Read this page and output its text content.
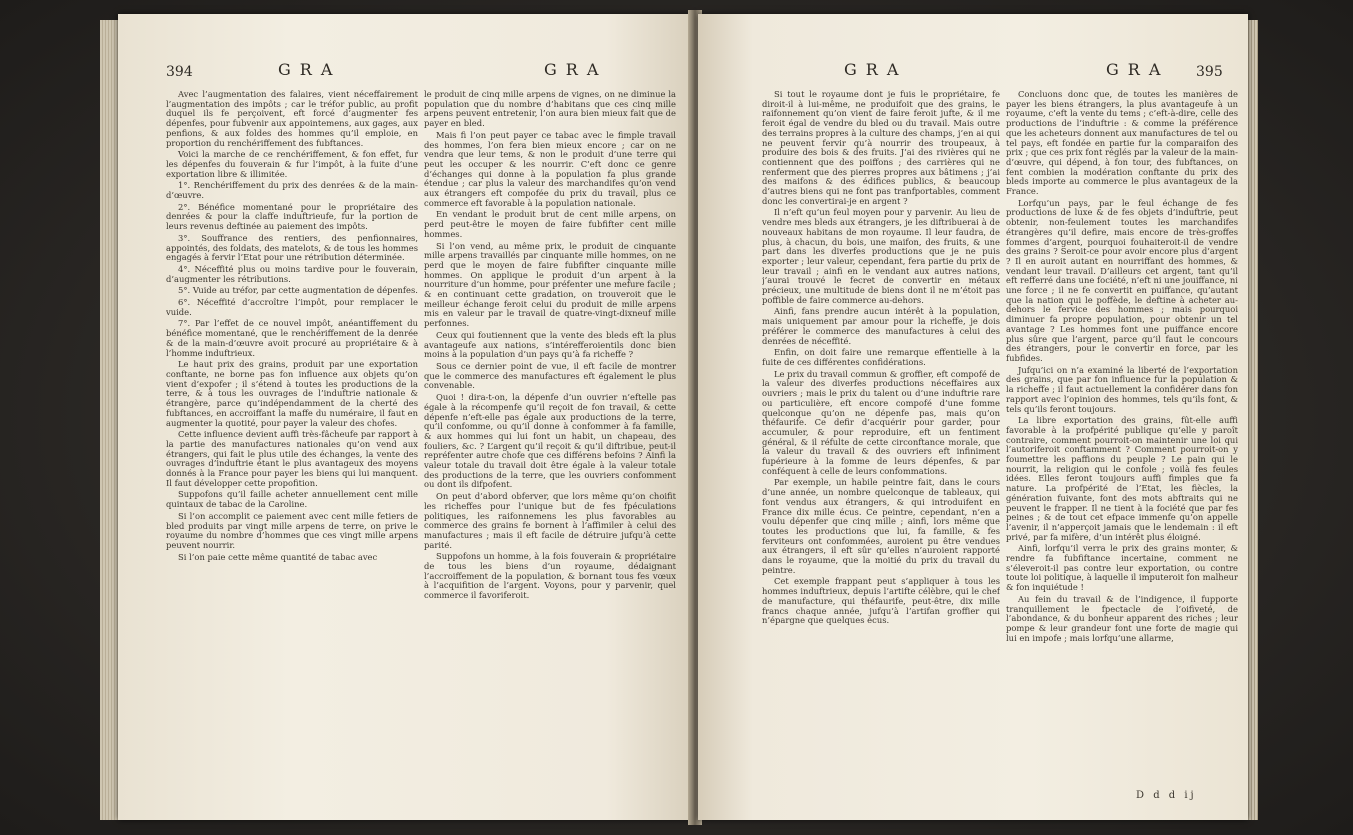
394	GRA	GRA

Avec l’augmentation des falaires, vient néceffairement l’augmentation des impôts ; car le tréfor public, au profit duquel ils fe perçoivent, eft forcé d’augmenter fes dépenfes, pour fubvenir aux appointemens, aux gages, aux penfions, & aux foldes des hommes qu’il emploie, en proportion du renchériffement des fubftances.

Voici la marche de ce renchériffement, & fon effet, fur les dépenfes du fouverain & fur l’impôt, à la fuite d’une exportation libre & illimitée.

1°. Renchériffement du prix des denrées & de la main-d’œuvre.

2°. Bénéfice momentané pour le propriétaire des denrées & pour la claffe induftrieufe, fur la portion de leurs revenus deftinée au paiement des impôts.

3°. Souffrance des rentiers, des penfionnaires, appointés, des foldats, des matelots, & de tous les hommes engagés à fervir l’Etat pour une rétribution déterminée.

4°. Néceffité plus ou moins tardive pour le fouverain, d’augmenter les rétributions.

5°. Vuide au tréfor, par cette augmentation de dépenfes.

6°. Néceffité d’accroître l’impôt, pour remplacer le vuide.

7°. Par l’effet de ce nouvel impôt, anéantiffement du bénéfice momentané, que le renchériffement de la denrée & de la main-d’œuvre avoit procuré au propriétaire & à l’homme induftrieux.

Le haut prix des grains, produit par une exportation conftante, ne borne pas fon influence aux objets qu’on vient d’expofer ; il s’étend à toutes les productions de la terre, & à tous les ouvrages de l’induftrie nationale & étrangère, parce qu’indépendamment de la cherté des fubftances, en accroiffant la maffe du numéraire, il faut en augmenter la quotité, pour payer la valeur des chofes.

Cette influence devient auffi très-fâcheufe par rapport à la partie des manufactures nationales qu’on vend aux étrangers, qui fait le plus utile des échanges, la vente des ouvrages d’induftrie étant le plus avantageux des moyens donnés à la France pour payer les biens qui lui manquent. Il faut développer cette propofition.

Suppofons qu’il faille acheter annuellement cent mille quintaux de tabac de la Caroline.

Si l’on accomplit ce paiement avec cent mille fetiers de bled produits par vingt mille arpens de terre, on prive le royaume du nombre d’hommes que ces vingt mille arpens peuvent nourrir.

Si l’on paie cette même quantité de tabac avec

le produit de cinq mille arpens de vignes, on ne diminue la population que du nombre d’habitans que ces cinq mille arpens peuvent entretenir, l’on aura bien mieux fait que de payer en bled.

Mais fi l’on peut payer ce tabac avec le fimple travail des hommes, l’on fera bien mieux encore ; car on ne vendra que leur tems, & non le produit d’une terre qui peut les occuper & les nourrir. C’eft donc ce genre d’échanges qui donne à la population fa plus grande étendue ; car plus la valeur des marchandifes qu’on vend aux étrangers eft compofée du prix du travail, plus ce commerce eft favorable à la population nationale.

En vendant le produit brut de cent mille arpens, on perd peut-être le moyen de faire fubfifter cent mille hommes.

Si l’on vend, au même prix, le produit de cinquante mille arpens travaillés par cinquante mille hommes, on ne perd que le moyen de faire fubfifter cinquante mille hommes. On applique le produit d’un arpent à la nourriture d’un homme, pour préfenter une mefure facile ; & en continuant cette gradation, on trouveroit que le meilleur échange feroit celui du produit de mille arpens mis en valeur par le travail de quatre-vingt-dixneuf mille perfonnes.

Ceux qui foutiennent que la vente des bleds eft la plus avantageufe aux nations, s’intérefferoientils donc bien moins à la population d’un pays qu’à fa richeffe ?

Sous ce dernier point de vue, il eft facile de montrer que le commerce des manufactures eft également le plus convenable.

Quoi ! dira-t-on, la dépenfe d’un ouvrier n’eftelle pas égale à la récompenfe qu’il reçoit de fon travail, & cette dépenfe n’eft-elle pas égale aux productions de la terre, qu’il confomme, ou qu’il donne à confommer à fa famille, & aux hommes qui lui font un habit, un chapeau, des fouliers, &c. ? L’argent qu’il reçoit & qu’il diftribue, peut-il repréfenter autre chofe que ces différens befoins ? Ainfi la valeur totale du travail doit être égale à la valeur totale des productions de la terre, que les ouvriers confomment ou dont ils difpofent.

On peut d’abord obferver, que lors même qu’on choifit les richeffes pour l’unique but de fes fpéculations politiques, les raifonnemens les plus favorables au commerce des grains fe bornent à l’affimiler à celui des manufactures ; mais il eft facile de détruire jufqu’à cette parité.

Suppofons un homme, à la fois fouverain & propriétaire de tous les biens d’un royaume, dédaignant l’accroiffement de la population, & bornant tous fes vœux à l’acquifition de l’argent. Voyons, pour y parvenir, quel commerce il favoriferoit.

GRA	GRA 395

Si tout le royaume dont je fuis le propriétaire, fe diroit-il à lui-même, ne produifoit que des grains, le raifonnement qu’on vient de faire feroit jufte, & il me feroit égal de vendre du bled ou du travail. Mais outre des terrains propres à la culture des champs, j’en ai qui ne peuvent fervir qu’à nourrir des troupeaux, à produire des bois & des fruits. J’ai des rivières qui ne contiennent que des poiffons ; des carrières qui ne renferment que des pierres propres aux bâtimens ; j’ai des maifons & des édifices publics, & beaucoup d’autres biens qui ne font pas tranfportables, comment donc les convertirai-je en argent ?

Il n’eft qu’un feul moyen pour y parvenir. Au lieu de vendre mes bleds aux étrangers, je les diftribuerai à de nouveaux habitans de mon royaume. Il leur faudra, de plus, à chacun, du bois, une maifon, des fruits, & une part dans les diverfes productions que je ne puis exporter ; leur valeur, cependant, fera partie du prix de leur travail ; ainfi en le vendant aux autres nations, j’aurai trouvé le fecret de convertir en métaux précieux, une multitude de biens dont il ne m’étoit pas poffible de faire commerce au-dehors.

Ainfi, fans prendre aucun intérêt à la population, mais uniquement par amour pour la richeffe, je dois préférer le commerce des manufactures à celui des denrées de néceffité.

Enfin, on doit faire une remarque effentielle à la fuite de ces différentes confidérations.

Le prix du travail commun & groffier, eft compofé de la valeur des diverfes productions néceffaires aux ouvriers ; mais le prix du talent ou d’une induftrie rare ou particulière, eft encore compofé d’une fomme quelconque qu’on ne dépenfe pas, mais qu’on théfaurife. Ce defir d’acquérir pour garder, pour accumuler, & pour reproduire, eft un fentiment général, & il réfulte de cette circonftance morale, que la valeur du travail & des ouvriers eft infiniment fupérieure à la fomme de leurs dépenfes, & par conféquent à celle de leurs confommations.

Par exemple, un habile peintre fait, dans le cours d’une année, un nombre quelconque de tableaux, qui font vendus aux étrangers, & qui introduifent en France dix mille écus. Ce peintre, cependant, n’en a voulu dépenfer que cinq mille ; ainfi, lors même que toutes les productions que lui, fa famille, & fes ferviteurs ont confommées, auroient pu être vendues aux étrangers, il eft sûr qu’elles n’auroient rapporté dans le royaume, que la moitié du prix du travail du peintre.

Cet exemple frappant peut s’appliquer à tous les hommes induftrieux, depuis l’artifte célèbre, qui le chef de manufacture, qui théfaurife, peut-être, dix mille francs chaque année, jufqu’à l’artifan groffier qui n’épargne que quelques écus.

Concluons donc que, de toutes les manières de payer les biens étrangers, la plus avantageufe à un royaume, c’eft la vente du tems ; c’eft-à-dire, celle des productions de l’induftrie : & comme la préférence que les acheteurs donnent aux manufactures de tel ou tel pays, eft fondée en partie fur la comparaifon des prix ; que ces prix font réglés par la valeur de la main-d’œuvre, qui dépend, à fon tour, des fubftances, on fent combien la modération conftante du prix des bleds importe au commerce le plus avantageux de la France.

Lorfqu’un pays, par le feul échange de fes productions de luxe & de fes objets d’induftrie, peut obtenir, non-feulement toutes les marchandifes étrangères qu’il defire, mais encore de très-groffes fommes d’argent, pourquoi fouhaiteroit-il de vendre des grains ? Seroit-ce pour avoir encore plus d’argent ? Il en auroit autant en nourriffant des hommes, & vendant leur travail. D’ailleurs cet argent, tant qu’il eft refferré dans une fociété, n’eft ni une jouiffance, ni une force ; il ne fe convertit en puiffance, qu’autant que la nation qui le poffède, le deftine à acheter au-dehors le fervice des hommes ; mais pourquoi diminuer fa propre population, pour obtenir un tel avantage ? Les hommes font une puiffance encore plus sûre que l’argent, parce qu’il faut le concours des étrangers, pour le convertir en force, par les fubfides.

Jufqu’ici on n’a examiné la liberté de l’exportation des grains, que par fon influence fur la population & la richeffe ; il faut actuellement la confidérer dans fon rapport avec l’opinion des hommes, tels qu’ils font, & tels qu’ils feront toujours.

La libre exportation des grains, fût-elle auffi favorable à la profpérité publique qu’elle y paroît contraire, comment pourroit-on maintenir une loi qui l’autoriferoit conftamment ? Comment pourroit-on y foumettre les paffions du peuple ? Le pain qui le nourrit, la religion qui le confole ; voilà fes feules idées. Elles feront toujours auffi fimples que fa nature. La profpérité de l’Etat, les fiècles, la génération fuivante, font des mots abftraits qui ne peuvent le frapper. Il ne tient à la fociété que par fes peines ; & de tout cet efpace immenfe qu’on appelle l’avenir, il n’apperçoit jamais que le lendemain : il eft privé, par fa mifère, d’un intérêt plus éloigné.

Ainfi, lorfqu’il verra le prix des grains monter, & rendre fa fubfiftance incertaine, comment ne s’éleveroit-il pas contre leur exportation, ou contre toute loi politique, à laquelle il imputeroit fon malheur & fon inquiétude !

Au fein du travail & de l’indigence, il fupporte tranquillement le fpectacle de l’oifiveté, de l’abondance, & du bonheur apparent des riches ; leur pompe & leur grandeur font une forte de magie qui lui en impofe ; mais lorfqu’une allarme,

D d d ij
